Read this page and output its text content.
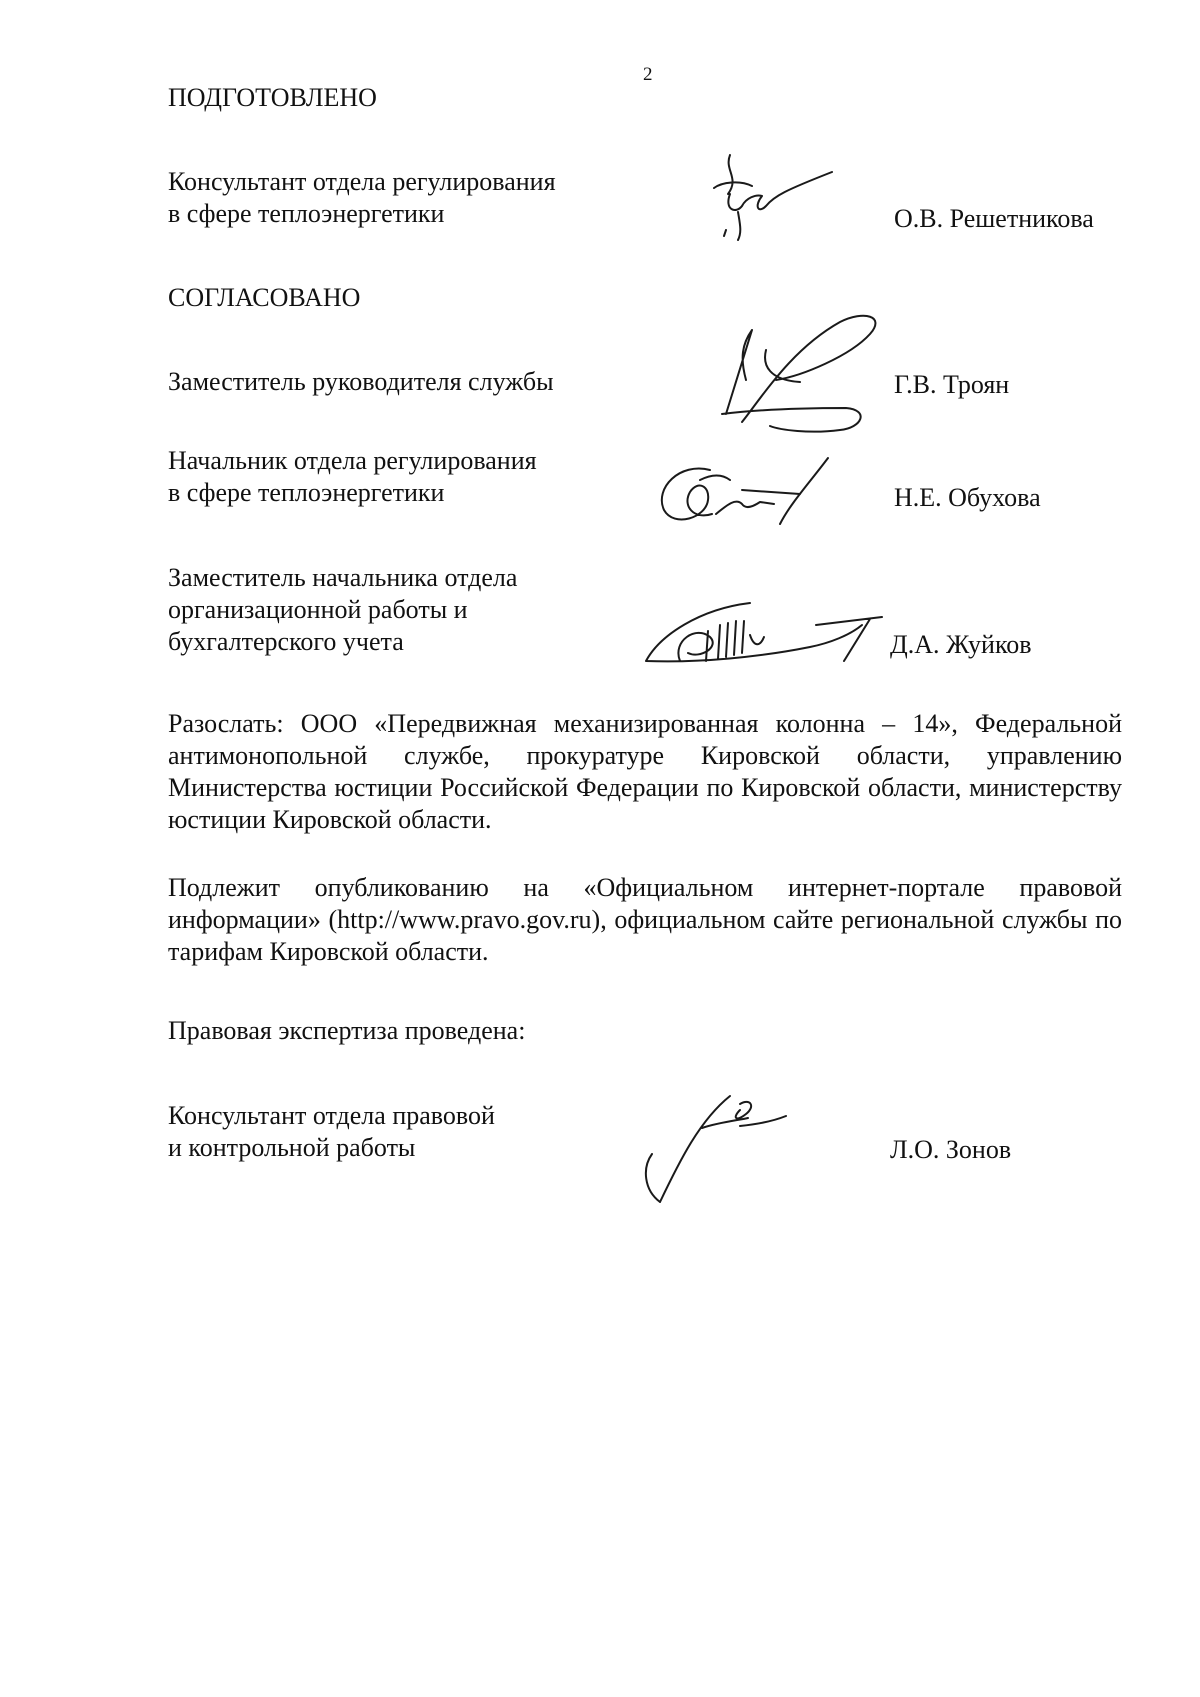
2
ПОДГОТОВЛЕНО
Консультант отдела регулирования
в сфере теплоэнергетики	О.В. Решетникова
СОГЛАСОВАНО
Заместитель руководителя службы	Г.В. Троян
Начальник отдела регулирования
в сфере теплоэнергетики	Н.Е. Обухова
Заместитель начальника отдела
организационной работы и
бухгалтерского учета	Д.А. Жуйков

Разослать: ООО «Передвижная механизированная колонна – 14», Федеральной антимонопольной службе, прокуратуре Кировской области, управлению Министерства юстиции Российской Федерации по Кировской области, министерству юстиции Кировской области.

Подлежит опубликованию на «Официальном интернет-портале правовой информации» (http://www.pravo.gov.ru), официальном сайте региональной службы по тарифам Кировской области.

Правовая экспертиза проведена:
Консультант отдела правовой
и контрольной работы	Л.О. Зонов
